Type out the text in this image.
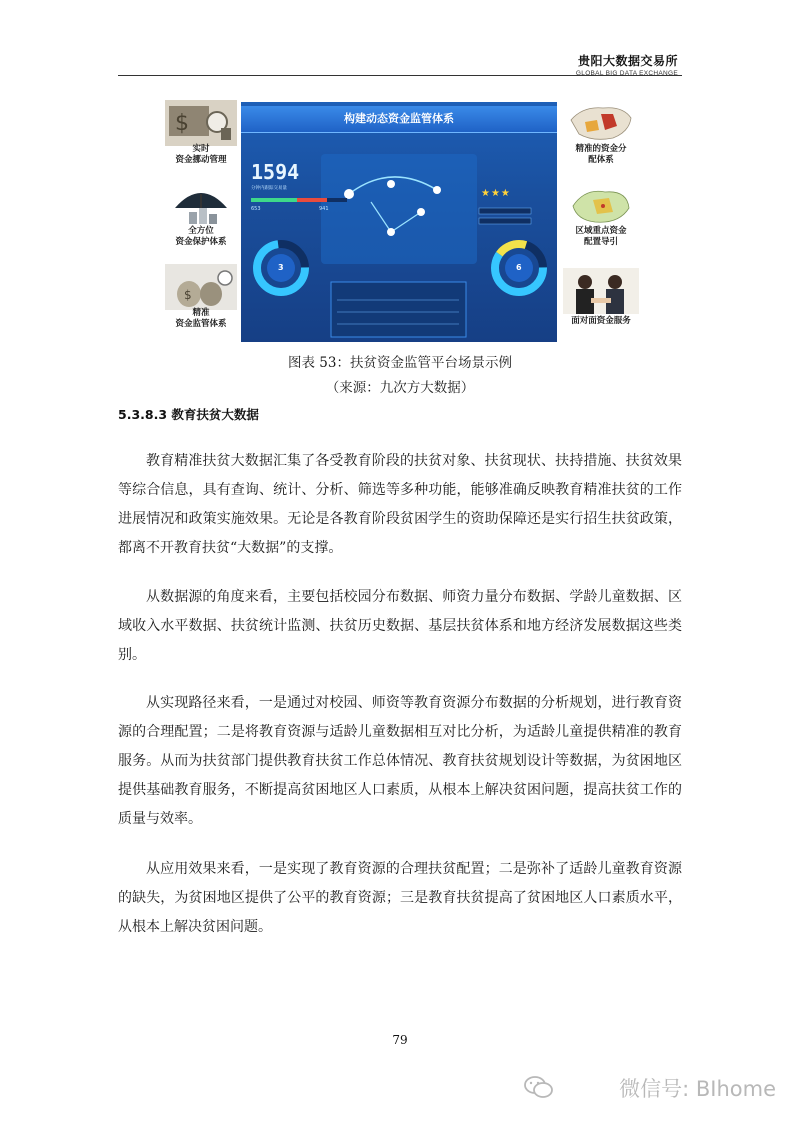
贵阳大数据交易所
GLOBAL BIG DATA EXCHANGE
$
实时
资金挪动管理
全方位
资金保护体系
$
精准
资金监管体系
构建动态资金监管体系
1594
分钟内跟踪交易量
653	941
3	6
★★★
精准的资金分
配体系
区域重点资金
配置导引
面对面资金服务
图表 53：扶贫资金监管平台场景示例
（来源：九次方大数据）
5.3.8.3 教育扶贫大数据

教育精准扶贫大数据汇集了各受教育阶段的扶贫对象、扶贫现状、扶持措施、扶贫效果等综合信息，具有查询、统计、分析、筛选等多种功能，能够准确反映教育精准扶贫的工作进展情况和政策实施效果。无论是各教育阶段贫困学生的资助保障还是实行招生扶贫政策，都离不开教育扶贫“大数据”的支撑。

从数据源的角度来看，主要包括校园分布数据、师资力量分布数据、学龄儿童数据、区域收入水平数据、扶贫统计监测、扶贫历史数据、基层扶贫体系和地方经济发展数据这些类别。

从实现路径来看，一是通过对校园、师资等教育资源分布数据的分析规划，进行教育资源的合理配置；二是将教育资源与适龄儿童数据相互对比分析，为适龄儿童提供精准的教育服务。从而为扶贫部门提供教育扶贫工作总体情况、教育扶贫规划设计等数据，为贫困地区提供基础教育服务，不断提高贫困地区人口素质，从根本上解决贫困问题，提高扶贫工作的质量与效率。

从应用效果来看，一是实现了教育资源的合理扶贫配置；二是弥补了适龄儿童教育资源的缺失，为贫困地区提供了公平的教育资源；三是教育扶贫提高了贫困地区人口素质水平，从根本上解决贫困问题。

79
微信号: BIhome
